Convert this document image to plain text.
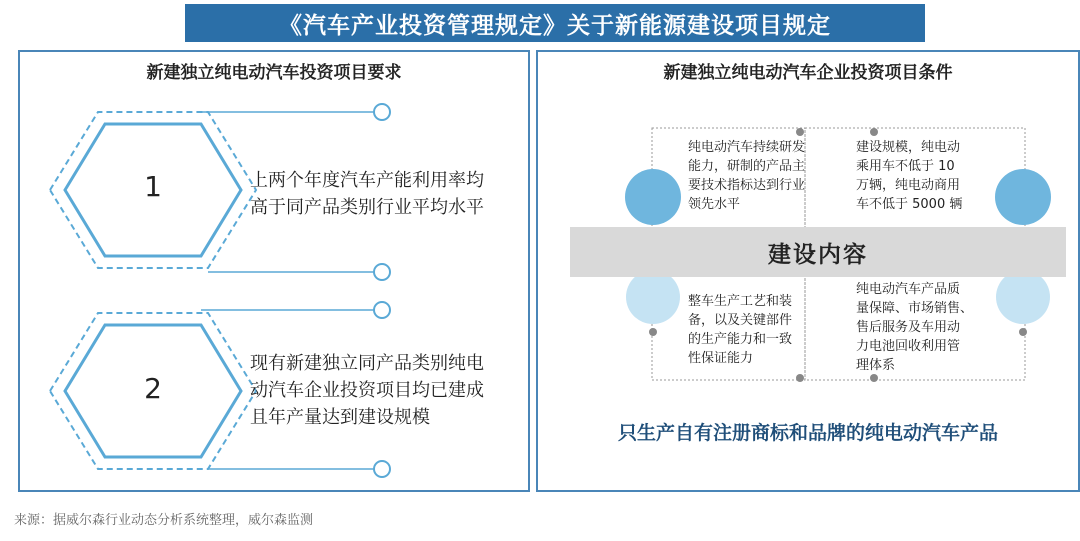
《汽车产业投资管理规定》关于新能源建设项目规定
新建独立纯电动汽车投资项目要求
1
2
上两个年度汽车产能利用率均
高于同产品类别行业平均水平
现有新建独立同产品类别纯电
动汽车企业投资项目均已建成
且年产量达到建设规模
新建独立纯电动汽车企业投资项目条件
建设内容
纯电动汽车持续研发
能力，研制的产品主
要技术指标达到行业
领先水平
建设规模，纯电动
乘用车不低于 10
万辆，纯电动商用
车不低于 5000 辆
整车生产工艺和装
备，以及关键部件
的生产能力和一致
性保证能力
纯电动汽车产品质
量保障、市场销售、
售后服务及车用动
力电池回收利用管
理体系
只生产自有注册商标和品牌的纯电动汽车产品
来源：据威尔森行业动态分析系统整理，威尔森监测
